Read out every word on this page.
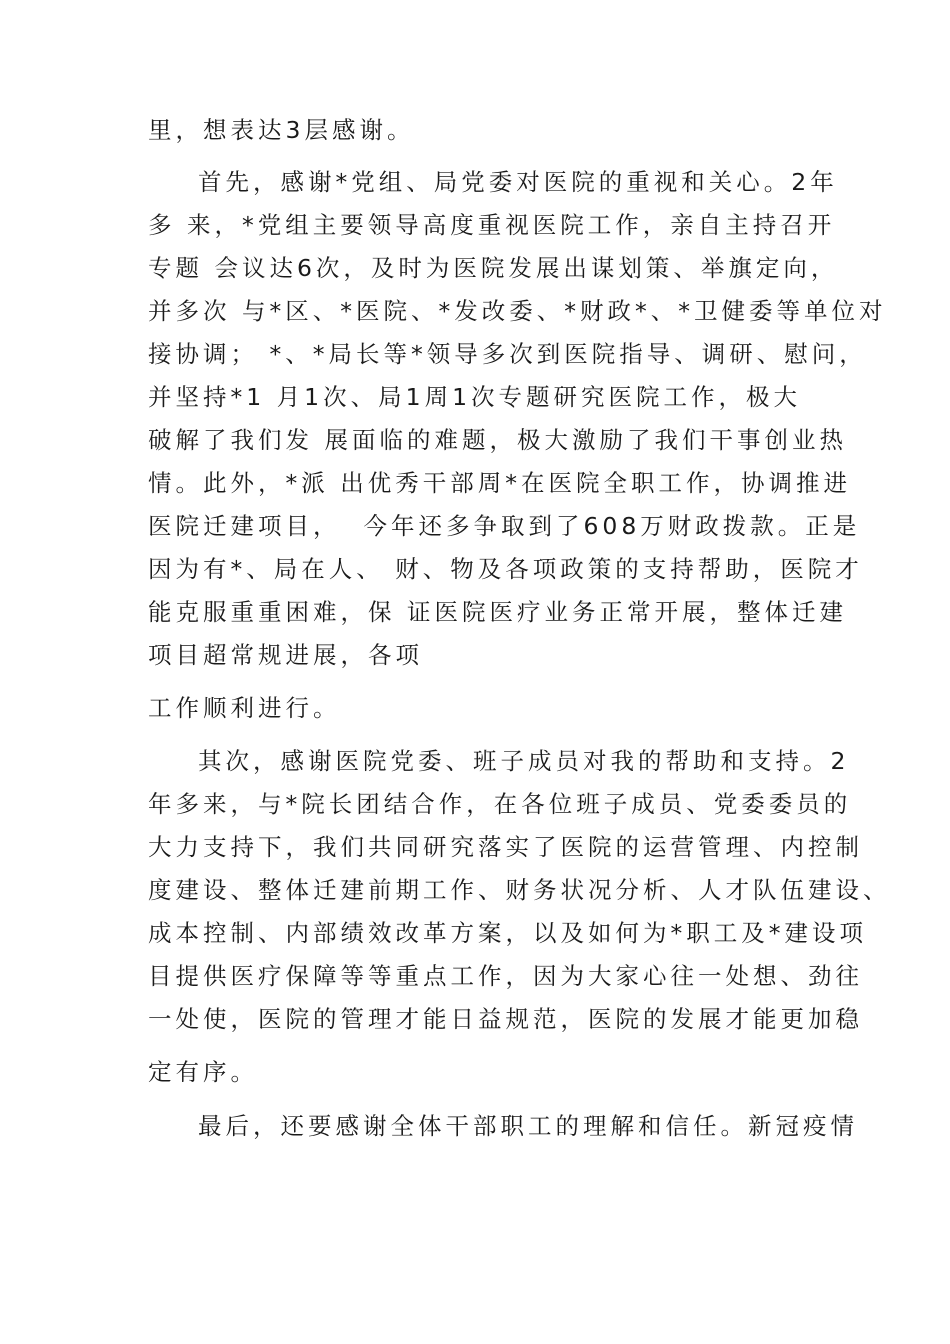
里，想表达3层感谢。
首先，感谢*党组、局党委对医院的重视和关心。2年
多 来，*党组主要领导高度重视医院工作，亲自主持召开
专题 会议达6次，及时为医院发展出谋划策、举旗定向，
并多次 与*区、*医院、*发改委、*财政*、*卫健委等单位对
接协调； *、*局长等*领导多次到医院指导、调研、慰问，
并坚持*1 月1次、局1周1次专题研究医院工作，极大
破解了我们发 展面临的难题，极大激励了我们干事创业热
情。此外，*派 出优秀干部周*在医院全职工作，协调推进
医院迁建项目，  今年还多争取到了608万财政拨款。正是
因为有*、局在人、 财、物及各项政策的支持帮助，医院才
能克服重重困难，保 证医院医疗业务正常开展，整体迁建
项目超常规进展，各项
工作顺利进行。
其次，感谢医院党委、班子成员对我的帮助和支持。2
年多来，与*院长团结合作，在各位班子成员、党委委员的
大力支持下，我们共同研究落实了医院的运营管理、内控制
度建设、整体迁建前期工作、财务状况分析、人才队伍建设、
成本控制、内部绩效改革方案，以及如何为*职工及*建设项
目提供医疗保障等等重点工作，因为大家心往一处想、劲往
一处使，医院的管理才能日益规范，医院的发展才能更加稳
定有序。
最后，还要感谢全体干部职工的理解和信任。新冠疫情
